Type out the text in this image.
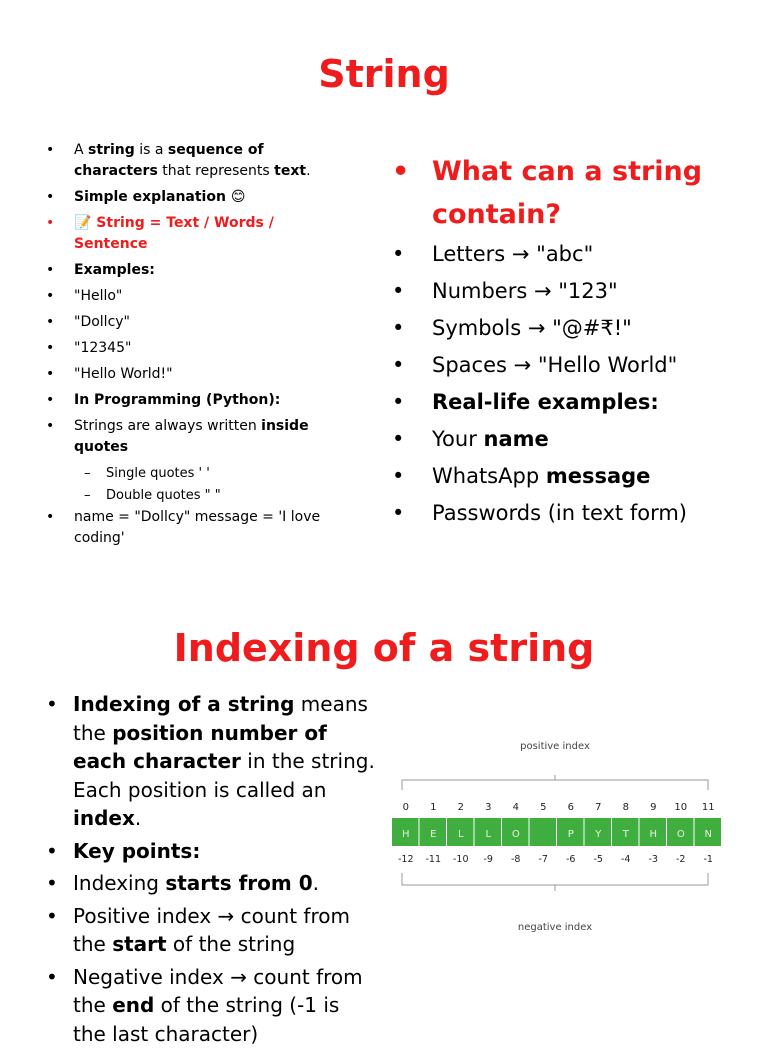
String
• A string is a sequence of characters that represents text.
• Simple explanation 😊
• 📝 String = Text / Words / Sentence
• Examples:
• "Hello"
• "Dollcy"
• "12345"
• "Hello World!"
• In Programming (Python):
• Strings are always written inside quotes
– Single quotes ' '
– Double quotes " "
• name = "Dollcy" message = 'I love coding'
• What can a string contain?
• Letters → "abc"
• Numbers → "123"
• Symbols → "@#₹!"
• Spaces → "Hello World"
• Real-life examples:
• Your name
• WhatsApp message
• Passwords (in text form)
Indexing of a string
• Indexing of a string means the position number of each character in the string. Each position is called an index.
• Key points:
• Indexing starts from 0.
• Positive index → count from the start of the string
• Negative index → count from the end of the string (-1 is the last character)
positive index
negative index
H
0
-12
E
1
-11
L
2
-10
L
3
-9
O
4
-8
5
-7
P
6
-6
Y
7
-5
T
8
-4
H
9
-3
O
10
-2
N
11
-1
